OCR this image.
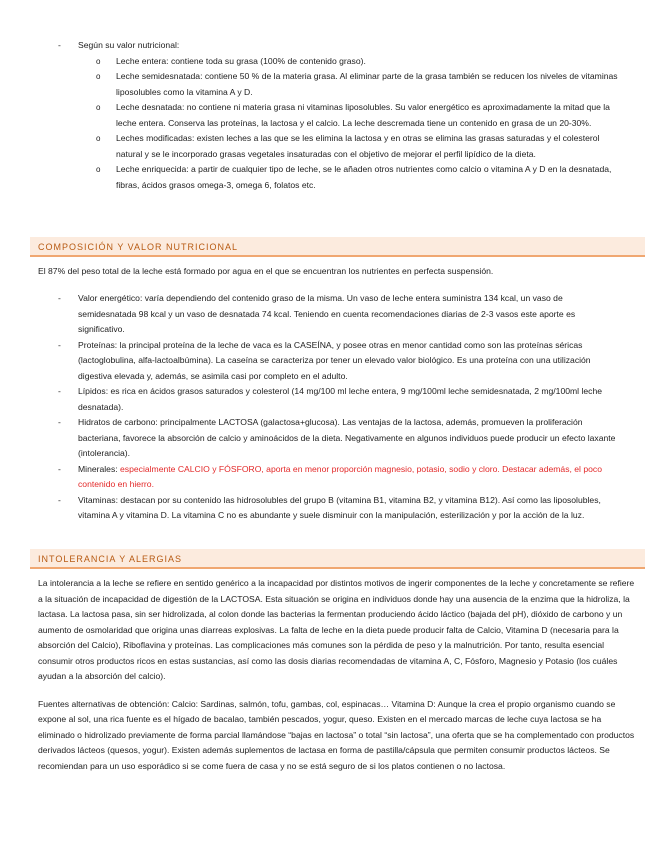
- Según su valor nutricional:
o Leche entera: contiene toda su grasa (100% de contenido graso).
o Leche semidesnatada: contiene 50 % de la materia grasa. Al eliminar parte de la grasa también se reducen los niveles de vitaminas liposolubles como la vitamina A y D.
o Leche desnatada: no contiene ni materia grasa ni vitaminas liposolubles. Su valor energético es aproximadamente la mitad que la leche entera. Conserva las proteínas, la lactosa y el calcio. La leche descremada tiene un contenido en grasa de un 20-30%.
o Leches modificadas: existen leches a las que se les elimina la lactosa y en otras se elimina las grasas saturadas y el colesterol natural y se le incorporado grasas vegetales insaturadas con el objetivo de mejorar el perfil lipídico de la dieta.
o Leche enriquecida: a partir de cualquier tipo de leche, se le añaden otros nutrientes como calcio o vitamina A y D en la desnatada, fibras, ácidos grasos omega-3, omega 6, folatos etc.
COMPOSICIÓN Y VALOR NUTRICIONAL

El 87% del peso total de la leche está formado por agua en el que se encuentran los nutrientes en perfecta suspensión.

- Valor energético: varía dependiendo del contenido graso de la misma. Un vaso de leche entera suministra 134 kcal, un vaso de semidesnatada 98 kcal y un vaso de desnatada 74 kcal. Teniendo en cuenta recomendaciones diarias de 2-3 vasos este aporte es significativo.
- Proteínas: la principal proteína de la leche de vaca es la CASEÍNA, y posee otras en menor cantidad como son las proteínas séricas (lactoglobulina, alfa-lactoalbúmina). La caseína se caracteriza por tener un elevado valor biológico. Es una proteína con una utilización digestiva elevada y, además, se asimila casi por completo en el adulto.
- Lípidos: es rica en ácidos grasos saturados y colesterol (14 mg/100 ml leche entera, 9 mg/100ml leche semidesnatada, 2 mg/100ml leche desnatada).
- Hidratos de carbono: principalmente LACTOSA (galactosa+glucosa). Las ventajas de la lactosa, además, promueven la proliferación bacteriana, favorece la absorción de calcio y aminoácidos de la dieta. Negativamente en algunos individuos puede producir un efecto laxante (intolerancia).
- Minerales: especialmente CALCIO y FÓSFORO, aporta en menor proporción magnesio, potasio, sodio y cloro. Destacar además, el poco contenido en hierro.
- Vitaminas: destacan por su contenido las hidrosolubles del grupo B (vitamina B1, vitamina B2, y vitamina B12). Así como las liposolubles, vitamina A y vitamina D. La vitamina C no es abundante y suele disminuir con la manipulación, esterilización y por la acción de la luz.
INTOLERANCIA Y ALERGIAS

La intolerancia a la leche se refiere en sentido genérico a la incapacidad por distintos motivos de ingerir componentes de la leche y concretamente se refiere a la situación de incapacidad de digestión de la LACTOSA. Esta situación se origina en individuos donde hay una ausencia de la enzima que la hidroliza, la lactasa. La lactosa pasa, sin ser hidrolizada, al colon donde las bacterias la fermentan produciendo ácido láctico (bajada del pH), dióxido de carbono y un aumento de osmolaridad que origina unas diarreas explosivas. La falta de leche en la dieta puede producir falta de Calcio, Vitamina D (necesaria para la absorción del Calcio), Riboflavina y proteínas. Las complicaciones más comunes son la pérdida de peso y la malnutrición. Por tanto, resulta esencial consumir otros productos ricos en estas sustancias, así como las dosis diarias recomendadas de vitamina A, C, Fósforo, Magnesio y Potasio (los cuáles ayudan a la absorción del calcio).

Fuentes alternativas de obtención: Calcio: Sardinas, salmón, tofu, gambas, col, espinacas… Vitamina D: Aunque la crea el propio organismo cuando se expone al sol, una rica fuente es el hígado de bacalao, también pescados, yogur, queso. Existen en el mercado marcas de leche cuya lactosa se ha eliminado o hidrolizado previamente de forma parcial llamándose “bajas en lactosa” o total “sin lactosa”, una oferta que se ha complementado con productos derivados lácteos (quesos, yogur). Existen además suplementos de lactasa en forma de pastilla/cápsula que permiten consumir productos lácteos. Se recomiendan para un uso esporádico si se come fuera de casa y no se está seguro de si los platos contienen o no lactosa.
